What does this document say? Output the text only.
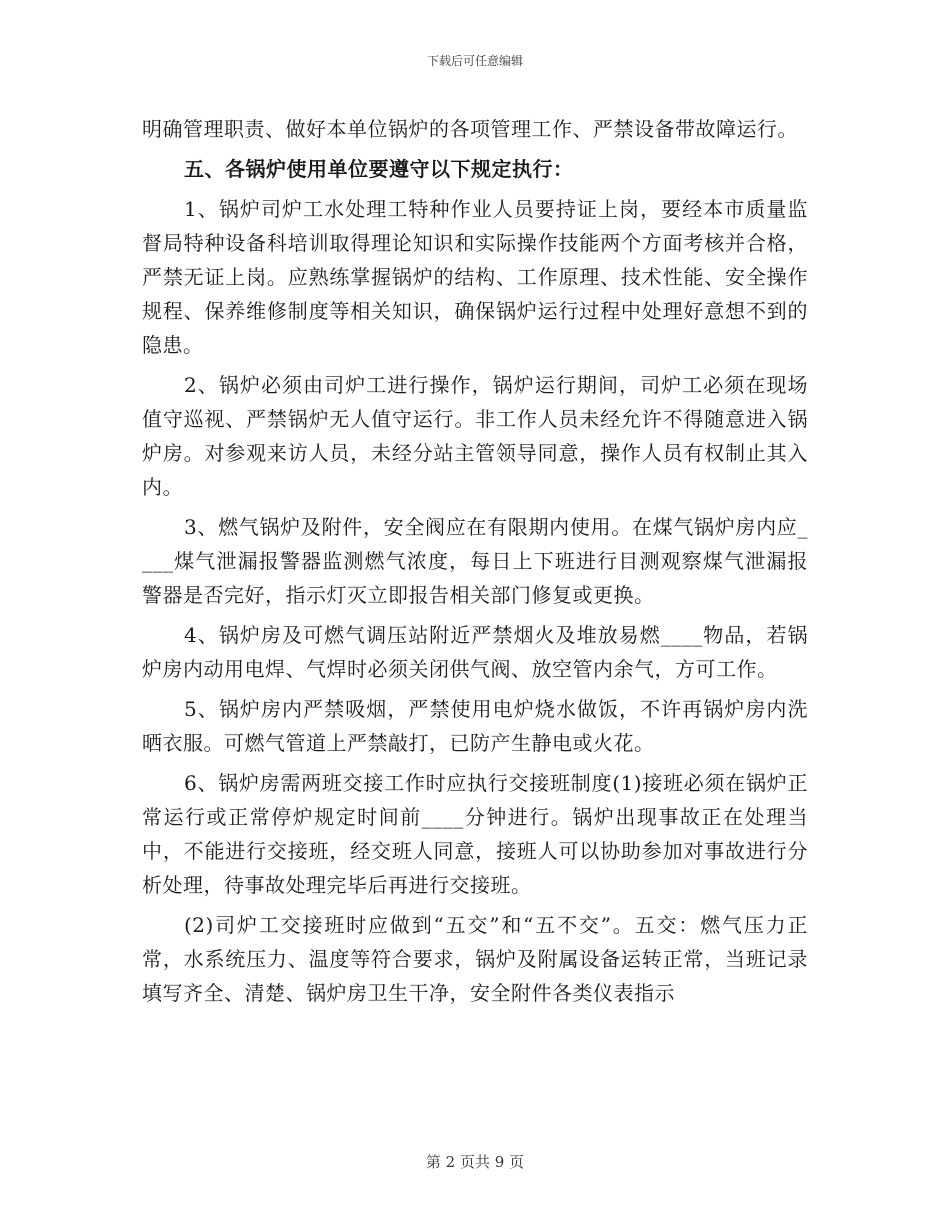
下载后可任意编辑

明确管理职责、做好本单位锅炉的各项管理工作、严禁设备带故障运行。

五、各锅炉使用单位要遵守以下规定执行：

1、锅炉司炉工水处理工特种作业人员要持证上岗，要经本市质量监督局特种设备科培训取得理论知识和实际操作技能两个方面考核并合格，严禁无证上岗。应熟练掌握锅炉的结构、工作原理、技术性能、安全操作规程、保养维修制度等相关知识，确保锅炉运行过程中处理好意想不到的隐患。

2、锅炉必须由司炉工进行操作，锅炉运行期间，司炉工必须在现场值守巡视、严禁锅炉无人值守运行。非工作人员未经允许不得随意进入锅炉房。对参观来访人员，未经分站主管领导同意，操作人员有权制止其入内。

3、燃气锅炉及附件，安全阀应在有限期内使用。在煤气锅炉房内应____煤气泄漏报警器监测燃气浓度，每日上下班进行目测观察煤气泄漏报警器是否完好，指示灯灭立即报告相关部门修复或更换。

4、锅炉房及可燃气调压站附近严禁烟火及堆放易燃____物品，若锅炉房内动用电焊、气焊时必须关闭供气阀、放空管内余气，方可工作。

5、锅炉房内严禁吸烟，严禁使用电炉烧水做饭，不许再锅炉房内洗晒衣服。可燃气管道上严禁敲打，已防产生静电或火花。

6、锅炉房需两班交接工作时应执行交接班制度(1)接班必须在锅炉正常运行或正常停炉规定时间前____分钟进行。锅炉出现事故正在处理当中，不能进行交接班，经交班人同意，接班人可以协助参加对事故进行分析处理，待事故处理完毕后再进行交接班。

(2)司炉工交接班时应做到“五交”和“五不交”。五交：燃气压力正常，水系统压力、温度等符合要求，锅炉及附属设备运转正常，当班记录填写齐全、清楚、锅炉房卫生干净，安全附件各类仪表指示

第 2 页共 9 页
